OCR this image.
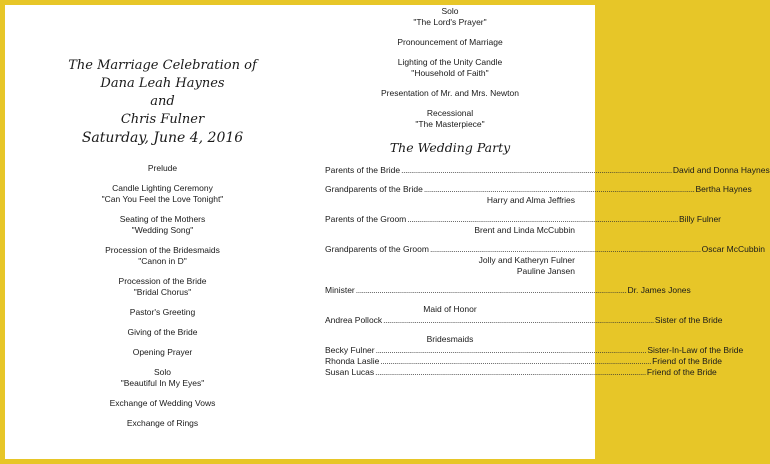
The Marriage Celebration of
Dana Leah Haynes
and
Chris Fulner
Saturday, June 4, 2016
Prelude
Candle Lighting Ceremony
"Can You Feel the Love Tonight"
Seating of the Mothers
"Wedding Song"
Procession of the Bridesmaids
"Canon in D"
Procession of the Bride
"Bridal Chorus"
Pastor's Greeting
Giving of the Bride
Opening Prayer
Solo
"Beautiful In My Eyes"
Exchange of Wedding Vows
Exchange of Rings
Solo
"The Lord's Prayer"
Pronouncement of Marriage
Lighting of the Unity Candle
"Household of Faith"
Presentation of Mr. and Mrs. Newton
Recessional
"The Masterpiece"
The Wedding Party
Parents of the Bride .......................................................................................................................................... David and Donna Haynes
Grandparents of the Bride .......................................................................................................................................... Bertha Haynes
Harry and Alma Jeffries
Parents of the Groom .......................................................................................................................................... Billy Fulner
Brent and Linda McCubbin
Grandparents of the Groom .......................................................................................................................................... Oscar McCubbin
Jolly and Katheryn Fulner
Pauline Jansen
Minister .......................................................................................................................................... Dr. James Jones
Maid of Honor
Andrea Pollock .......................................................................................................................................... Sister of the Bride
Bridesmaids
Becky Fulner .......................................................................................................................................... Sister-In-Law of the Bride
Rhonda Laslie .......................................................................................................................................... Friend of the Bride
Susan Lucas .......................................................................................................................................... Friend of the Bride
